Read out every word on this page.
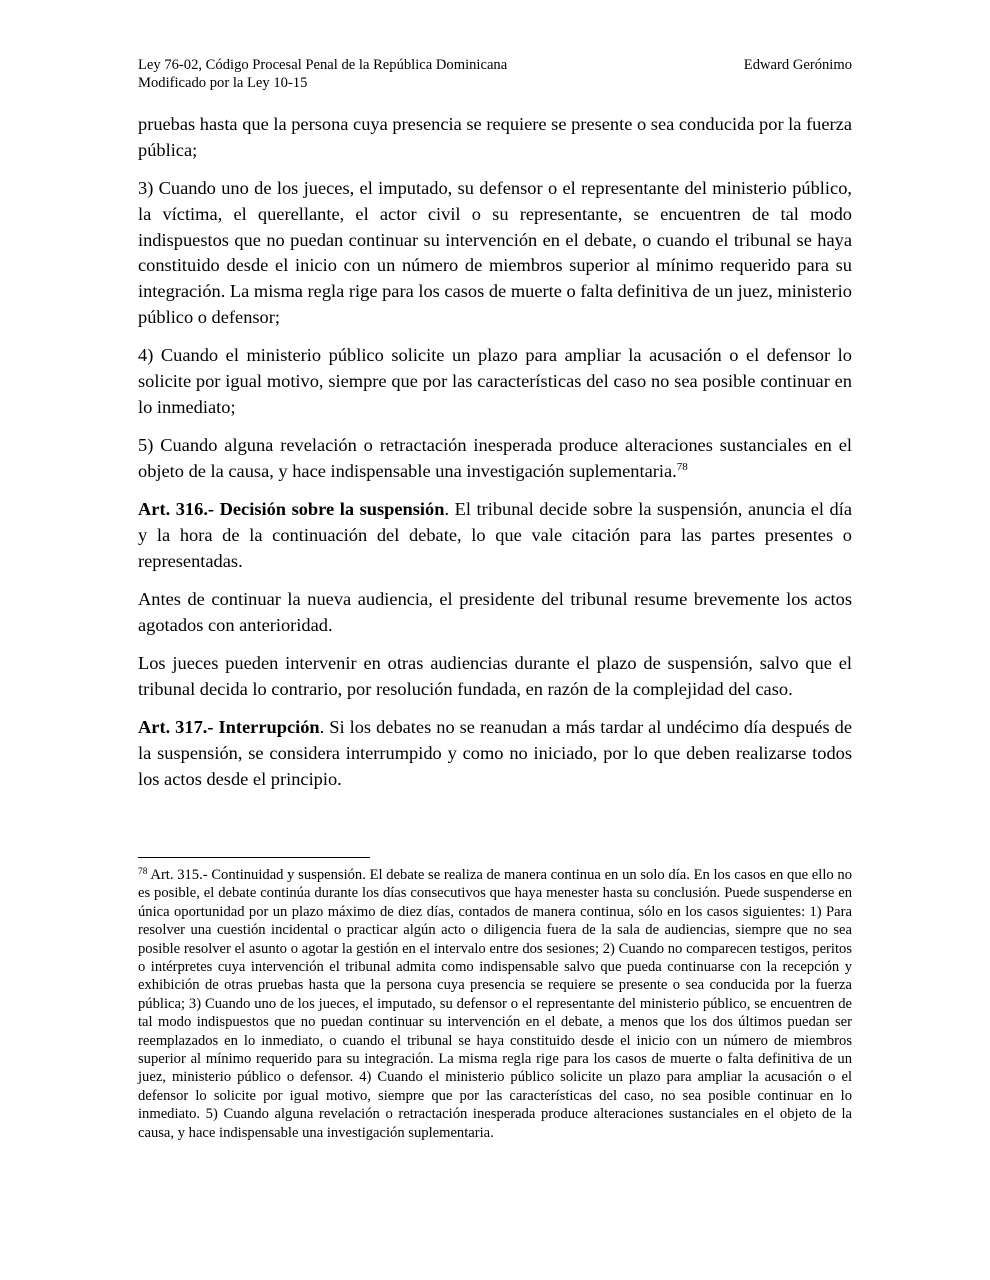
Ley 76-02, Código Procesal Penal de la República Dominicana
Modificado por la Ley 10-15
Edward Gerónimo

pruebas hasta que la persona cuya presencia se requiere se presente o sea conducida por la fuerza pública;

3) Cuando uno de los jueces, el imputado, su defensor o el representante del ministerio público, la víctima, el querellante, el actor civil o su representante, se encuentren de tal modo indispuestos que no puedan continuar su intervención en el debate, o cuando el tribunal se haya constituido desde el inicio con un número de miembros superior al mínimo requerido para su integración. La misma regla rige para los casos de muerte o falta definitiva de un juez, ministerio público o defensor;

4) Cuando el ministerio público solicite un plazo para ampliar la acusación o el defensor lo solicite por igual motivo, siempre que por las características del caso no sea posible continuar en lo inmediato;

5) Cuando alguna revelación o retractación inesperada produce alteraciones sustanciales en el objeto de la causa, y hace indispensable una investigación suplementaria.$^{78}$

Art. 316.- Decisión sobre la suspensión. El tribunal decide sobre la suspensión, anuncia el día y la hora de la continuación del debate, lo que vale citación para las partes presentes o representadas.

Antes de continuar la nueva audiencia, el presidente del tribunal resume brevemente los actos agotados con anterioridad.

Los jueces pueden intervenir en otras audiencias durante el plazo de suspensión, salvo que el tribunal decida lo contrario, por resolución fundada, en razón de la complejidad del caso.

Art. 317.- Interrupción. Si los debates no se reanudan a más tardar al undécimo día después de la suspensión, se considera interrumpido y como no iniciado, por lo que deben realizarse todos los actos desde el principio.

$^{78}$ Art. 315.- Continuidad y suspensión. El debate se realiza de manera continua en un solo día. En los casos en que ello no es posible, el debate continúa durante los días consecutivos que haya menester hasta su conclusión. Puede suspenderse en única oportunidad por un plazo máximo de diez días, contados de manera continua, sólo en los casos siguientes: 1) Para resolver una cuestión incidental o practicar algún acto o diligencia fuera de la sala de audiencias, siempre que no sea posible resolver el asunto o agotar la gestión en el intervalo entre dos sesiones; 2) Cuando no comparecen testigos, peritos o intérpretes cuya intervención el tribunal admita como indispensable salvo que pueda continuarse con la recepción y exhibición de otras pruebas hasta que la persona cuya presencia se requiere se presente o sea conducida por la fuerza pública; 3) Cuando uno de los jueces, el imputado, su defensor o el representante del ministerio público, se encuentren de tal modo indispuestos que no puedan continuar su intervención en el debate, a menos que los dos últimos puedan ser reemplazados en lo inmediato, o cuando el tribunal se haya constituido desde el inicio con un número de miembros superior al mínimo requerido para su integración. La misma regla rige para los casos de muerte o falta definitiva de un juez, ministerio público o defensor. 4) Cuando el ministerio público solicite un plazo para ampliar la acusación o el defensor lo solicite por igual motivo, siempre que por las características del caso, no sea posible continuar en lo inmediato. 5) Cuando alguna revelación o retractación inesperada produce alteraciones sustanciales en el objeto de la causa, y hace indispensable una investigación suplementaria.
